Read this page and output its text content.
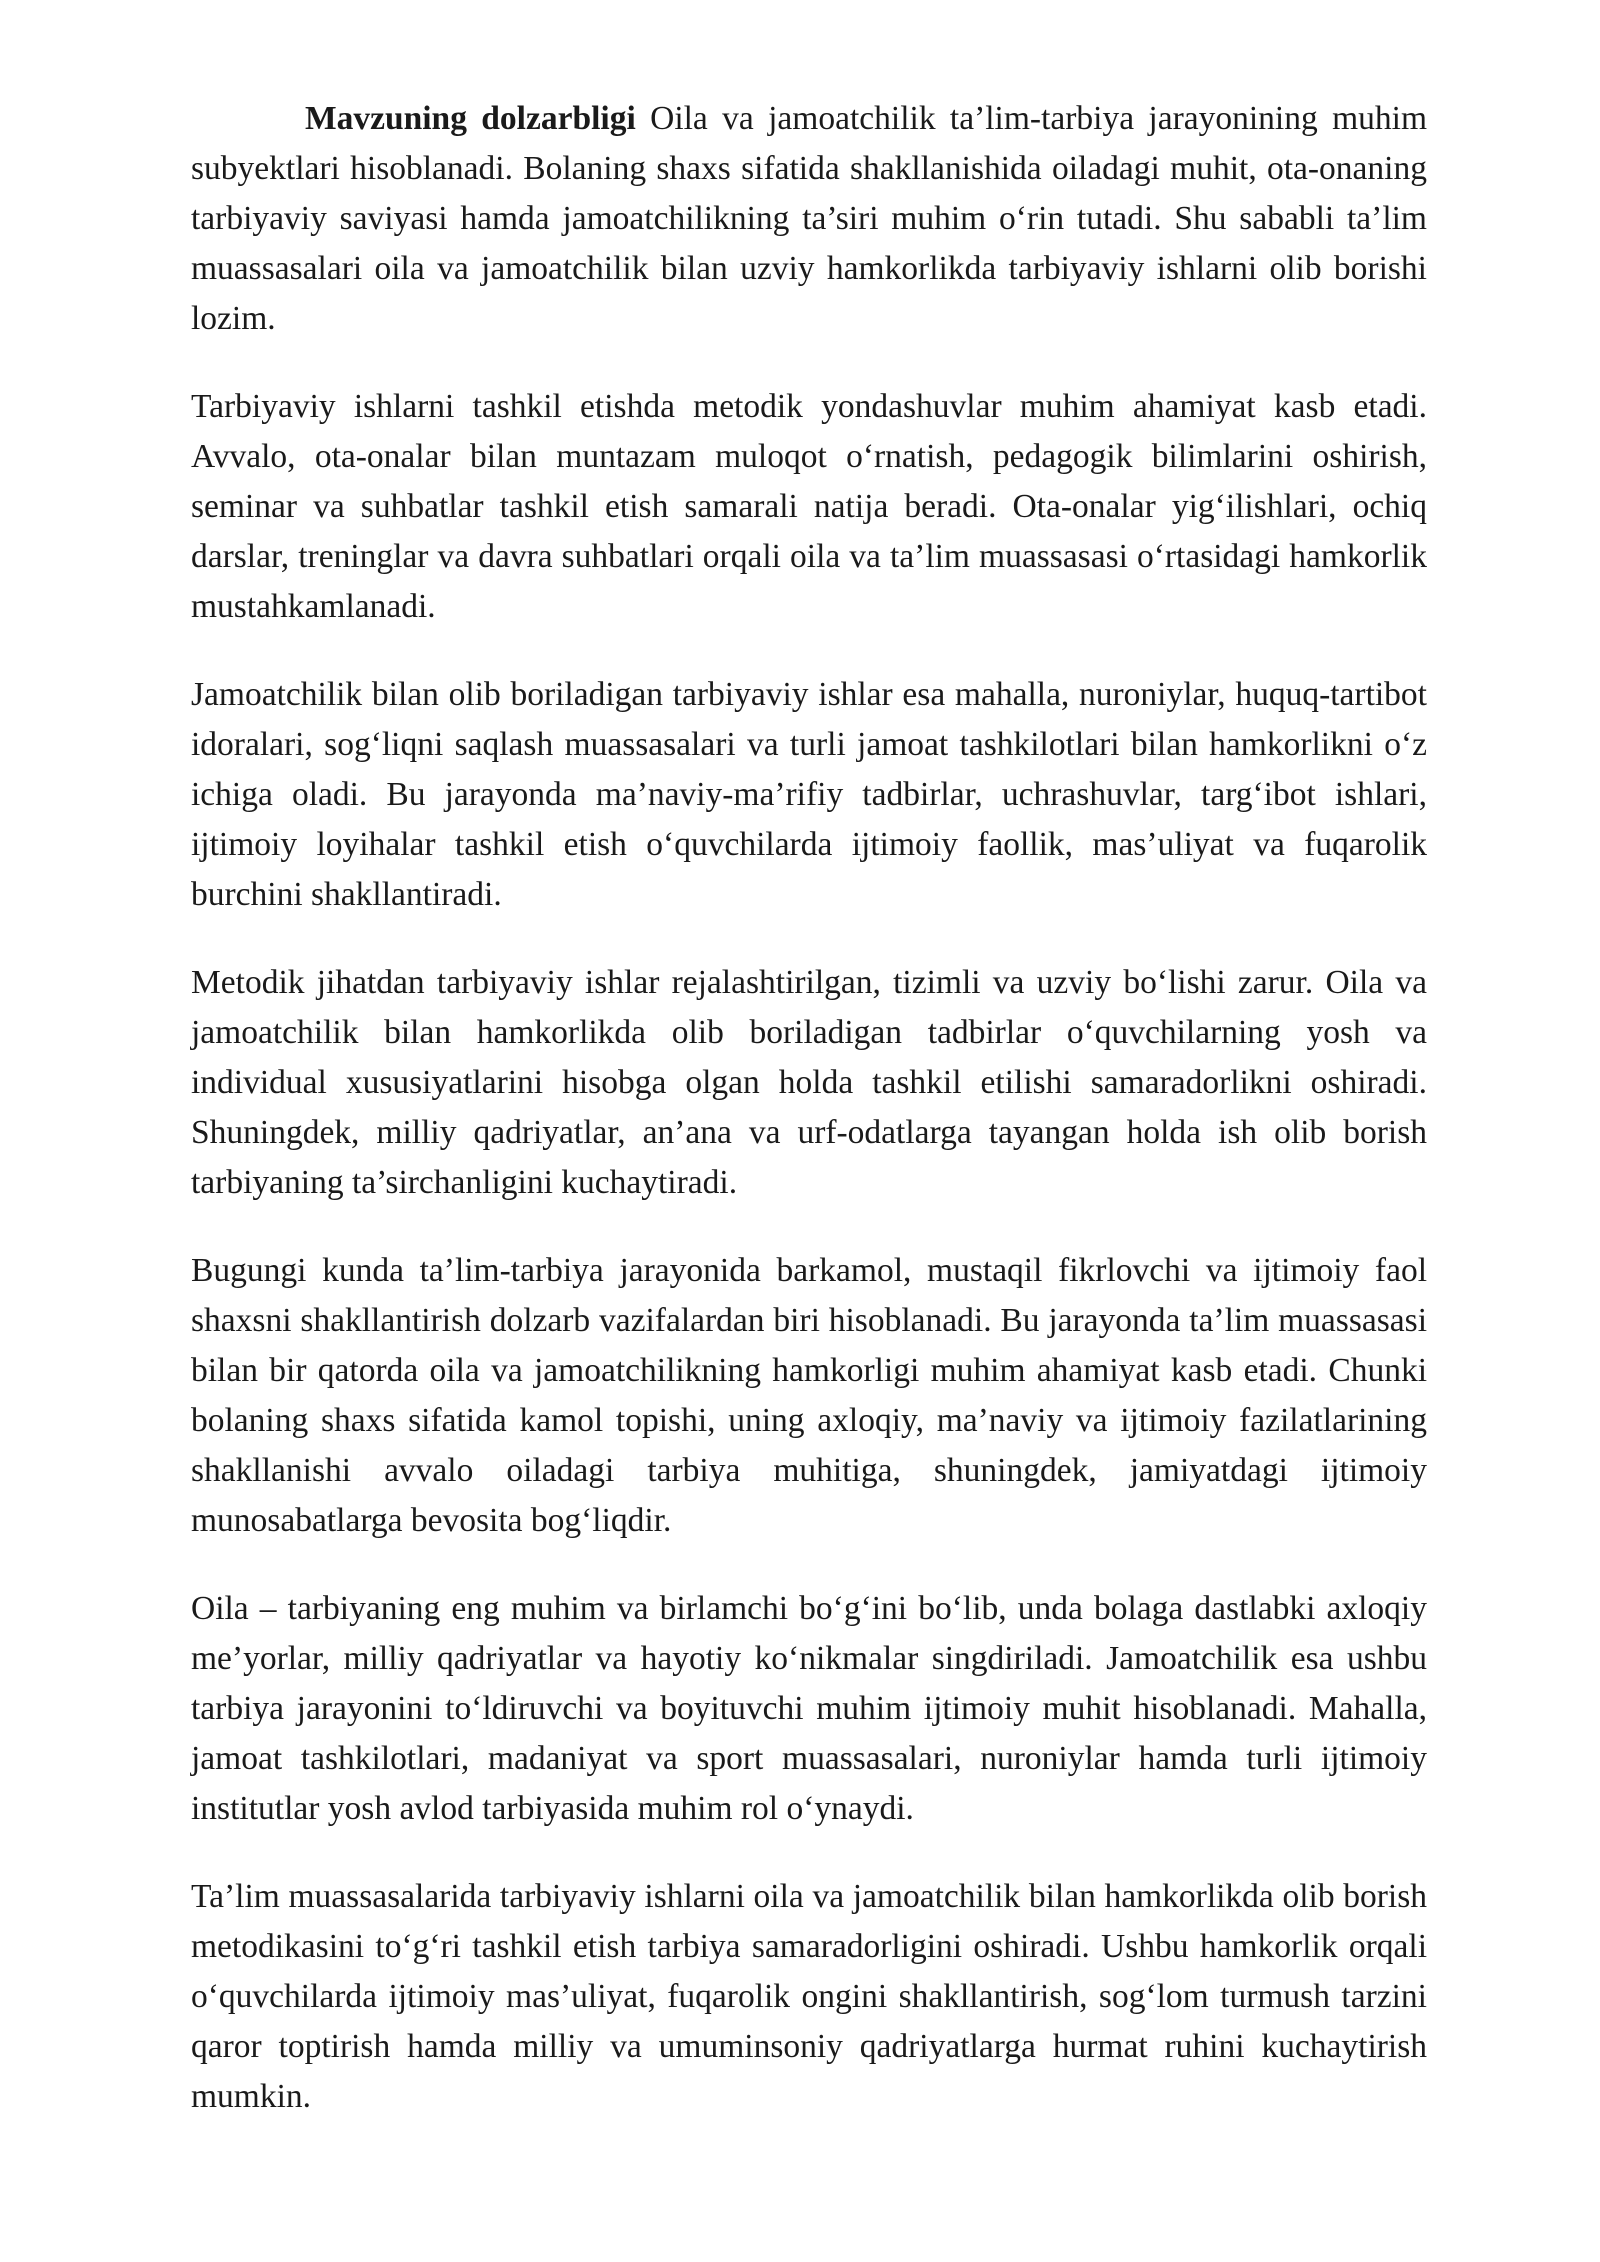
Mavzuning dolzarbligi Oila va jamoatchilik ta’lim-tarbiya jarayonining muhim subyektlari hisoblanadi. Bolaning shaxs sifatida shakllanishida oiladagi muhit, ota-onaning tarbiyaviy saviyasi hamda jamoatchilikning ta’siri muhim o‘rin tutadi. Shu sababli ta’lim muassasalari oila va jamoatchilik bilan uzviy hamkorlikda tarbiyaviy ishlarni olib borishi lozim.

Tarbiyaviy ishlarni tashkil etishda metodik yondashuvlar muhim ahamiyat kasb etadi. Avvalo, ota-onalar bilan muntazam muloqot o‘rnatish, pedagogik bilimlarini oshirish, seminar va suhbatlar tashkil etish samarali natija beradi. Ota-onalar yig‘ilishlari, ochiq darslar, treninglar va davra suhbatlari orqali oila va ta’lim muassasasi o‘rtasidagi hamkorlik mustahkamlanadi.

Jamoatchilik bilan olib boriladigan tarbiyaviy ishlar esa mahalla, nuroniylar, huquq-tartibot idoralari, sog‘liqni saqlash muassasalari va turli jamoat tashkilotlari bilan hamkorlikni o‘z ichiga oladi. Bu jarayonda ma’naviy-ma’rifiy tadbirlar, uchrashuvlar, targ‘ibot ishlari, ijtimoiy loyihalar tashkil etish o‘quvchilarda ijtimoiy faollik, mas’uliyat va fuqarolik burchini shakllantiradi.

Metodik jihatdan tarbiyaviy ishlar rejalashtirilgan, tizimli va uzviy bo‘lishi zarur. Oila va jamoatchilik bilan hamkorlikda olib boriladigan tadbirlar o‘quvchilarning yosh va individual xususiyatlarini hisobga olgan holda tashkil etilishi samaradorlikni oshiradi. Shuningdek, milliy qadriyatlar, an’ana va urf-odatlarga tayangan holda ish olib borish tarbiyaning ta’sirchanligini kuchaytiradi.

Bugungi kunda ta’lim-tarbiya jarayonida barkamol, mustaqil fikrlovchi va ijtimoiy faol shaxsni shakllantirish dolzarb vazifalardan biri hisoblanadi. Bu jarayonda ta’lim muassasasi bilan bir qatorda oila va jamoatchilikning hamkorligi muhim ahamiyat kasb etadi. Chunki bolaning shaxs sifatida kamol topishi, uning axloqiy, ma’naviy va ijtimoiy fazilatlarining shakllanishi avvalo oiladagi tarbiya muhitiga, shuningdek, jamiyatdagi ijtimoiy munosabatlarga bevosita bog‘liqdir.

Oila – tarbiyaning eng muhim va birlamchi bo‘g‘ini bo‘lib, unda bolaga dastlabki axloqiy me’yorlar, milliy qadriyatlar va hayotiy ko‘nikmalar singdiriladi. Jamoatchilik esa ushbu tarbiya jarayonini to‘ldiruvchi va boyituvchi muhim ijtimoiy muhit hisoblanadi. Mahalla, jamoat tashkilotlari, madaniyat va sport muassasalari, nuroniylar hamda turli ijtimoiy institutlar yosh avlod tarbiyasida muhim rol o‘ynaydi.

Ta’lim muassasalarida tarbiyaviy ishlarni oila va jamoatchilik bilan hamkorlikda olib borish metodikasini to‘g‘ri tashkil etish tarbiya samaradorligini oshiradi. Ushbu hamkorlik orqali o‘quvchilarda ijtimoiy mas’uliyat, fuqarolik ongini shakllantirish, sog‘lom turmush tarzini qaror toptirish hamda milliy va umuminsoniy qadriyatlarga hurmat ruhini kuchaytirish mumkin.
